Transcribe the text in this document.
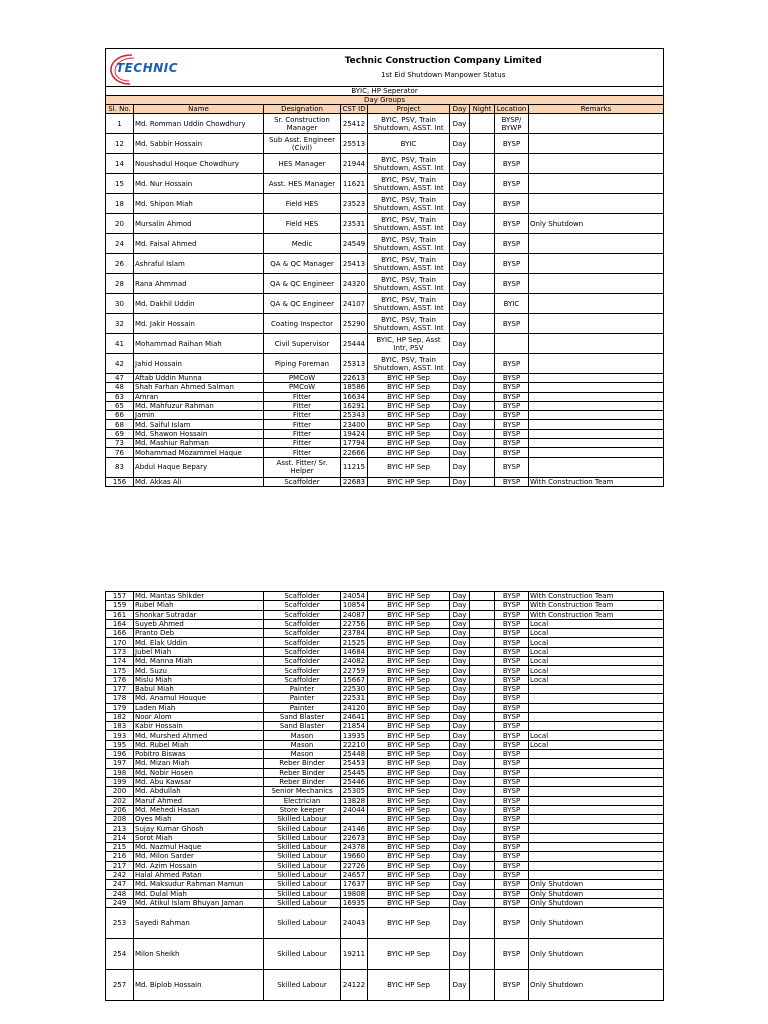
TECHNIC		Technic Construction Company Limited
1st Eid Shutdown Manpower Status						

BYIC, HP Seperator								
Day Groups								
Sl. No.	Name	Designation	CST ID	Project	Day	Night	Location	Remarks
1	Md. Romman Uddin Chowdhury	Sr. Construction Manager	25412	BYIC, PSV, Train Shutdown, ASST. Int	Day		BYSP/ BYWP	
12	Md. Sabbir Hossain	Sub Asst. Engineer (Civil)	25513	BYIC	Day		BYSP	
14	Noushadul Hoque Chowdhury	HES Manager	21944	BYIC, PSV, Train Shutdown, ASST. Int	Day		BYSP	
15	Md. Nur Hossain	Asst. HES Manager	11621	BYIC, PSV, Train Shutdown, ASST. Int	Day		BYSP	
18	Md. Shipon Miah	Field HES	23523	BYIC, PSV, Train Shutdown, ASST. Int	Day		BYSP	
20	Mursalin Ahmod	Field HES	23531	BYIC, PSV, Train Shutdown, ASST. Int	Day		BYSP	Only Shutdown
24	Md. Faisal Ahmed	Medic	24549	BYIC, PSV, Train Shutdown, ASST. Int	Day		BYSP	
26	Ashraful Islam	QA & QC Manager	25413	BYIC, PSV, Train Shutdown, ASST. Int	Day		BYSP	
28	Rana Ahmmad	QA & QC Engineer	24320	BYIC, PSV, Train Shutdown, ASST. Int	Day		BYSP	
30	Md. Dakhil Uddin	QA & QC Engineer	24107	BYIC, PSV, Train Shutdown, ASST. Int	Day		BYIC	
32	Md. Jakir Hossain	Coating Inspector	25290	BYIC, PSV, Train Shutdown, ASST. Int	Day		BYSP	
41	Mohammad Raihan Miah	Civil Supervisor	25444	BYIC, HP Sep, Asst Intr, PSV	Day			
42	Jahid Hossain	Piping Foreman	25313	BYIC, PSV, Train Shutdown, ASST. Int	Day		BYSP	
47	Aftab Uddin Munna	PMCoW	22613	BYIC HP Sep	Day		BYSP	
48	Shah Farhan Ahmed Salman	PMCoW	18586	BYIC HP Sep	Day		BYSP	
63	Amran	Fitter	16634	BYIC HP Sep	Day		BYSP	
65	Md. Mahfuzur Rahman	Fitter	16291	BYIC HP Sep	Day		BYSP	
66	Jamin	Fitter	25343	BYIC HP Sep	Day		BYSP	
68	Md. Saiful Islam	Fitter	23400	BYIC HP Sep	Day		BYSP	
69	Md. Shawon Hossain	Fitter	19424	BYIC HP Sep	Day		BYSP	
73	Md. Mashiur Rahman	Fitter	17794	BYIC HP Sep	Day		BYSP	
76	Mohammad Mozammel Haque	Fitter	22666	BYIC HP Sep	Day		BYSP	
83	Abdul Haque Bepary	Asst. Fitter/ Sr. Helper	11215	BYIC HP Sep	Day		BYSP	
156	Md. Akkas Ali	Scaffolder	22683	BYIC HP Sep	Day		BYSP	With Construction Team
157	Md. Mantas Shikder	Scaffolder	24054	BYIC HP Sep	Day		BYSP	With Construction Team
159	Rubel Miah	Scaffolder	10854	BYIC HP Sep	Day		BYSP	With Construction Team
161	Shonkar Sutradar	Scaffolder	24087	BYIC HP Sep	Day		BYSP	With Construction Team
164	Suyeb Ahmed	Scaffolder	22756	BYIC HP Sep	Day		BYSP	Local
166	Pranto Deb	Scaffolder	23784	BYIC HP Sep	Day		BYSP	Local
170	Md. Elak Uddin	Scaffolder	21525	BYIC HP Sep	Day		BYSP	Local
173	Jubel Miah	Scaffolder	14684	BYIC HP Sep	Day		BYSP	Local
174	Md. Manna Miah	Scaffolder	24082	BYIC HP Sep	Day		BYSP	Local
175	Md. Suzu	Scaffolder	22759	BYIC HP Sep	Day		BYSP	Local
176	Mislu Miah	Scaffolder	15667	BYIC HP Sep	Day		BYSP	Local
177	Babul Miah	Painter	22530	BYIC HP Sep	Day		BYSP	
178	Md. Anamul Houque	Painter	22531	BYIC HP Sep	Day		BYSP	
179	Laden Miah	Painter	24120	BYIC HP Sep	Day		BYSP	
182	Noor Alom	Sand Blaster	24641	BYIC HP Sep	Day		BYSP	
183	Kabir Hossain	Sand Blaster	21854	BYIC HP Sep	Day		BYSP	
193	Md. Murshed Ahmed	Mason	13935	BYIC HP Sep	Day		BYSP	Local
195	Md. Rubel Miah	Mason	22210	BYIC HP Sep	Day		BYSP	Local
196	Pobitro Biswas	Mason	25448	BYIC HP Sep	Day		BYSP	
197	Md. Mizan Miah	Reber Binder	25453	BYIC HP Sep	Day		BYSP	
198	Md. Nobir Hosen	Reber Binder	25445	BYIC HP Sep	Day		BYSP	
199	Md. Abu Kawsar	Reber Binder	25446	BYIC HP Sep	Day		BYSP	
200	Md. Abdullah	Senior Mechanics	25305	BYIC HP Sep	Day		BYSP	
202	Maruf Ahmed	Electrician	13828	BYIC HP Sep	Day		BYSP	
206	Md. Mehedi Hasan	Store keeper	24044	BYIC HP Sep	Day		BYSP	
208	Oyes Miah	Skilled Labour		BYIC HP Sep	Day		BYSP	
213	Sujay Kumar Ghosh	Skilled Labour	24146	BYIC HP Sep	Day		BYSP	
214	Sorot Miah	Skilled Labour	22673	BYIC HP Sep	Day		BYSP	
215	Md. Nazmul Haque	Skilled Labour	24378	BYIC HP Sep	Day		BYSP	
216	Md. Milon Sarder	Skilled Labour	19660	BYIC HP Sep	Day		BYSP	
217	Md. Azim Hossain	Skilled Labour	22726	BYIC HP Sep	Day		BYSP	
242	Halal Ahmed Patan	Skilled Labour	24657	BYIC HP Sep	Day		BYSP	
247	Md. Maksudur Rahman Mamun	Skilled Labour	17637	BYIC HP Sep	Day		BYSP	Only Shutdown
248	Md. Dulal Miah	Skilled Labour	19808	BYIC HP Sep	Day		BYSP	Only Shutdown
249	Md. Atikul Islam Bhuyan Jaman	Skilled Labour	16935	BYIC HP Sep	Day		BYSP	Only Shutdown
253	Sayedi Rahman	Skilled Labour	24043	BYIC HP Sep	Day		BYSP	Only Shutdown
254	Milon Sheikh	Skilled Labour	19211	BYIC HP Sep	Day		BYSP	Only Shutdown
257	Md. Biplob Hossain	Skilled Labour	24122	BYIC HP Sep	Day		BYSP	Only Shutdown
